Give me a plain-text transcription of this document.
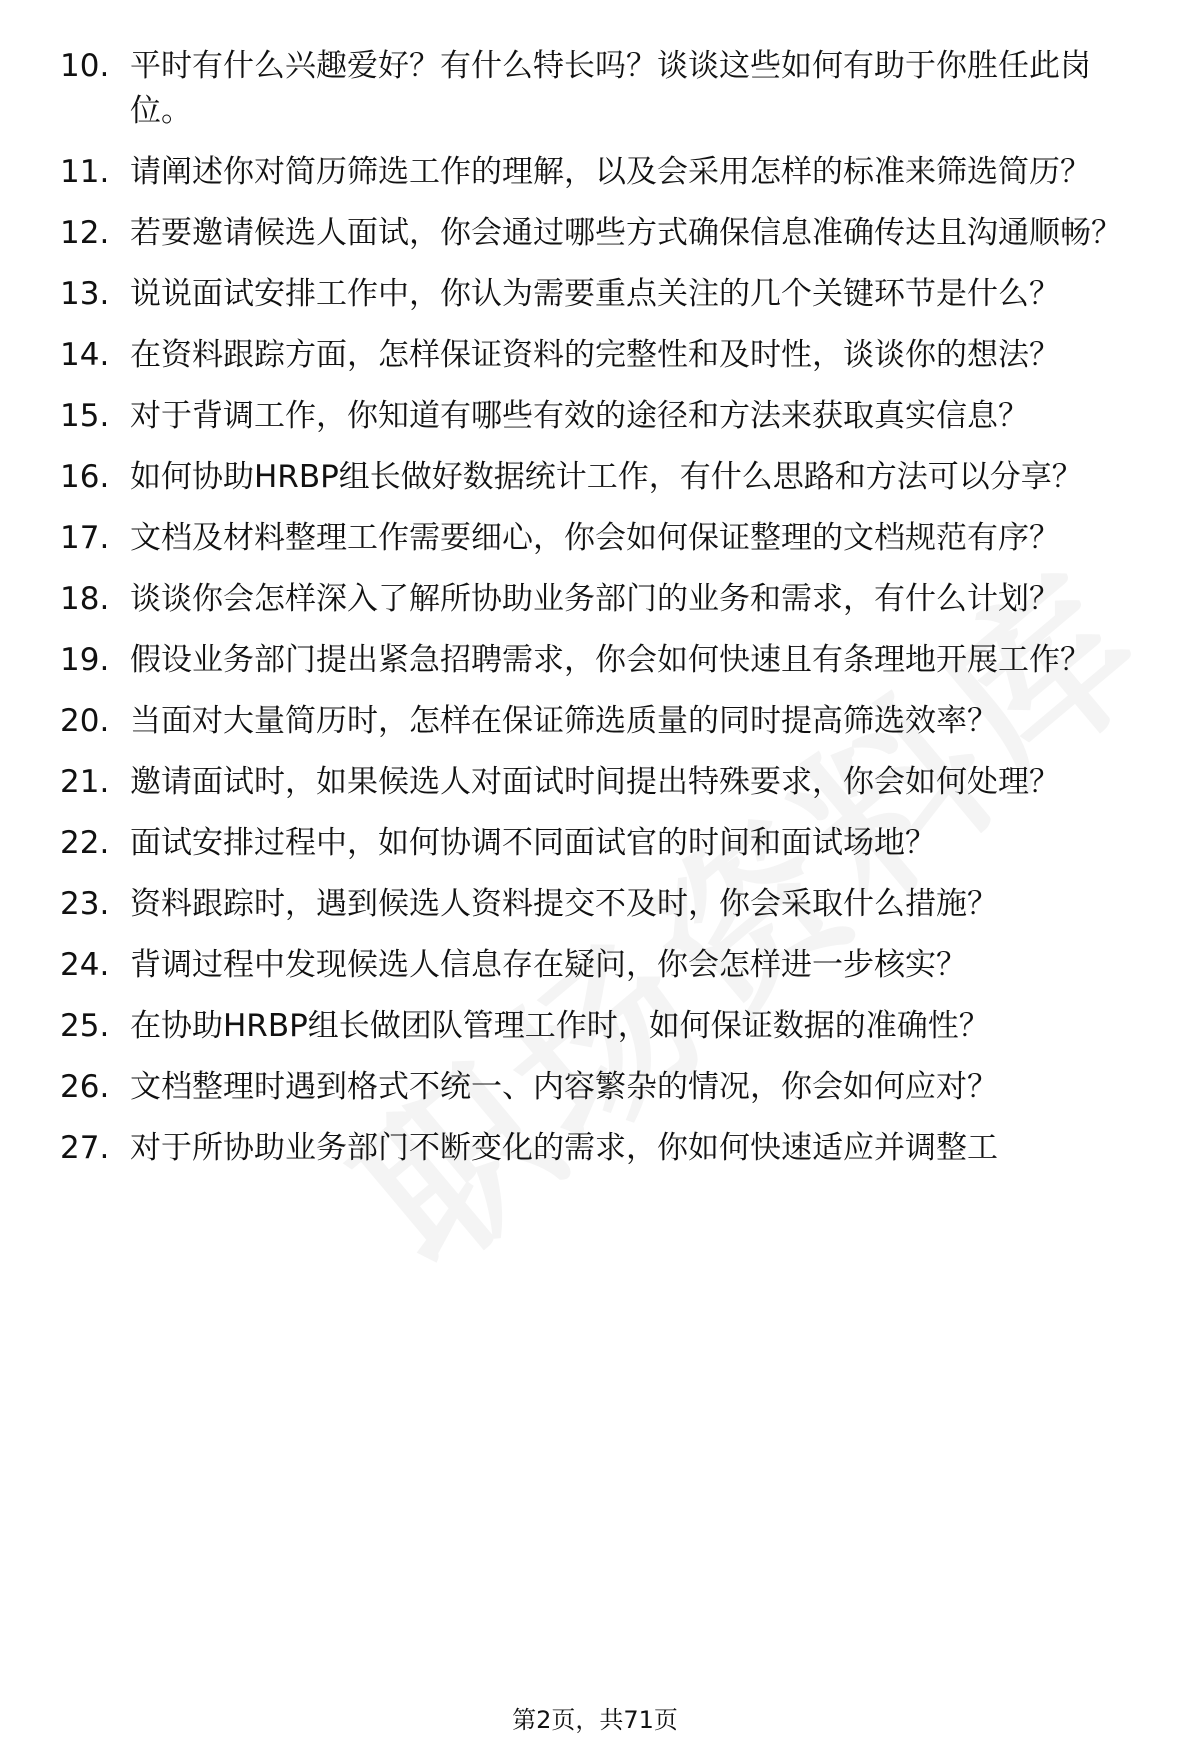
10. 平时有什么兴趣爱好？有什么特长吗？谈谈这些如何有助于你胜任此岗位。
11. 请阐述你对简历筛选工作的理解，以及会采用怎样的标准来筛选简历？
12. 若要邀请候选人面试，你会通过哪些方式确保信息准确传达且沟通顺畅？
13. 说说面试安排工作中，你认为需要重点关注的几个关键环节是什么？
14. 在资料跟踪方面，怎样保证资料的完整性和及时性，谈谈你的想法？
15. 对于背调工作，你知道有哪些有效的途径和方法来获取真实信息？
16. 如何协助HRBP组长做好数据统计工作，有什么思路和方法可以分享？
17. 文档及材料整理工作需要细心，你会如何保证整理的文档规范有序？
18. 谈谈你会怎样深入了解所协助业务部门的业务和需求，有什么计划？
19. 假设业务部门提出紧急招聘需求，你会如何快速且有条理地开展工作？
20. 当面对大量简历时，怎样在保证筛选质量的同时提高筛选效率？
21. 邀请面试时，如果候选人对面试时间提出特殊要求，你会如何处理？
22. 面试安排过程中，如何协调不同面试官的时间和面试场地？
23. 资料跟踪时，遇到候选人资料提交不及时，你会采取什么措施？
24. 背调过程中发现候选人信息存在疑问，你会怎样进一步核实？
25. 在协助HRBP组长做团队管理工作时，如何保证数据的准确性？
26. 文档整理时遇到格式不统一、内容繁杂的情况，你会如何应对？
27. 对于所协助业务部门不断变化的需求，你如何快速适应并调整工
第2页，共71页
